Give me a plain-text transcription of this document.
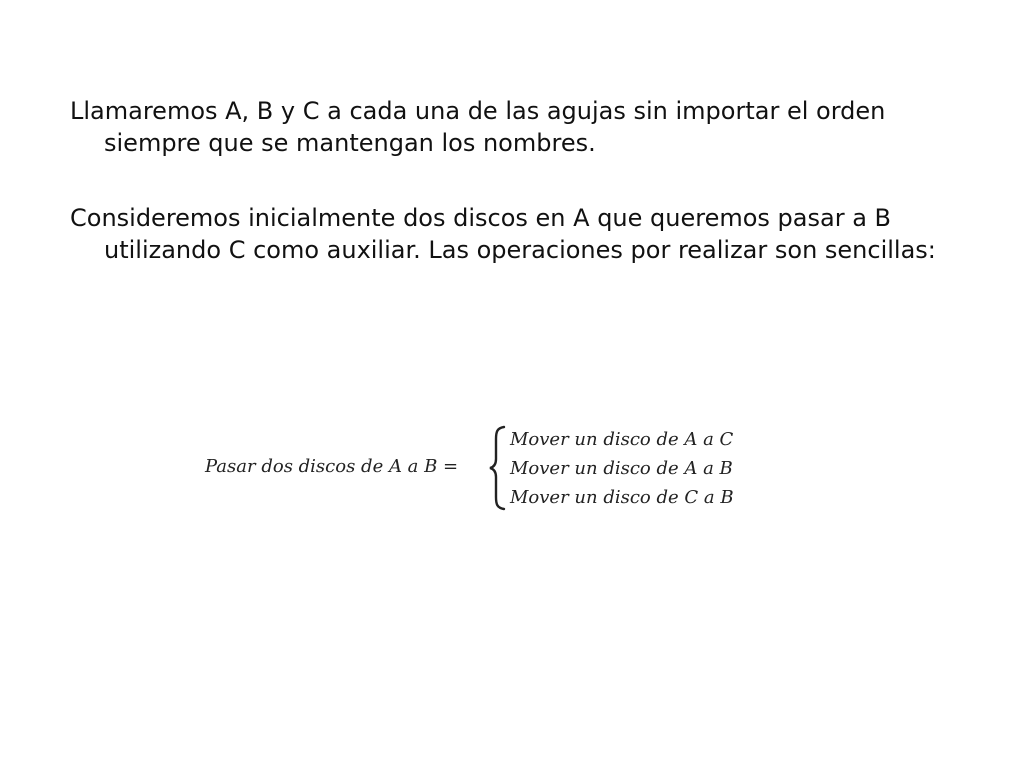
Llamaremos A, B y C a cada una de las agujas sin importar el orden siempre que se mantengan los nombres.

Consideremos inicialmente dos discos en A que queremos pasar a B utilizando C como auxiliar. Las operaciones por realizar son sencillas:

Pasar dos discos de A a B =
Mover un disco de A a C
Mover un disco de A a B
Mover un disco de C a B
